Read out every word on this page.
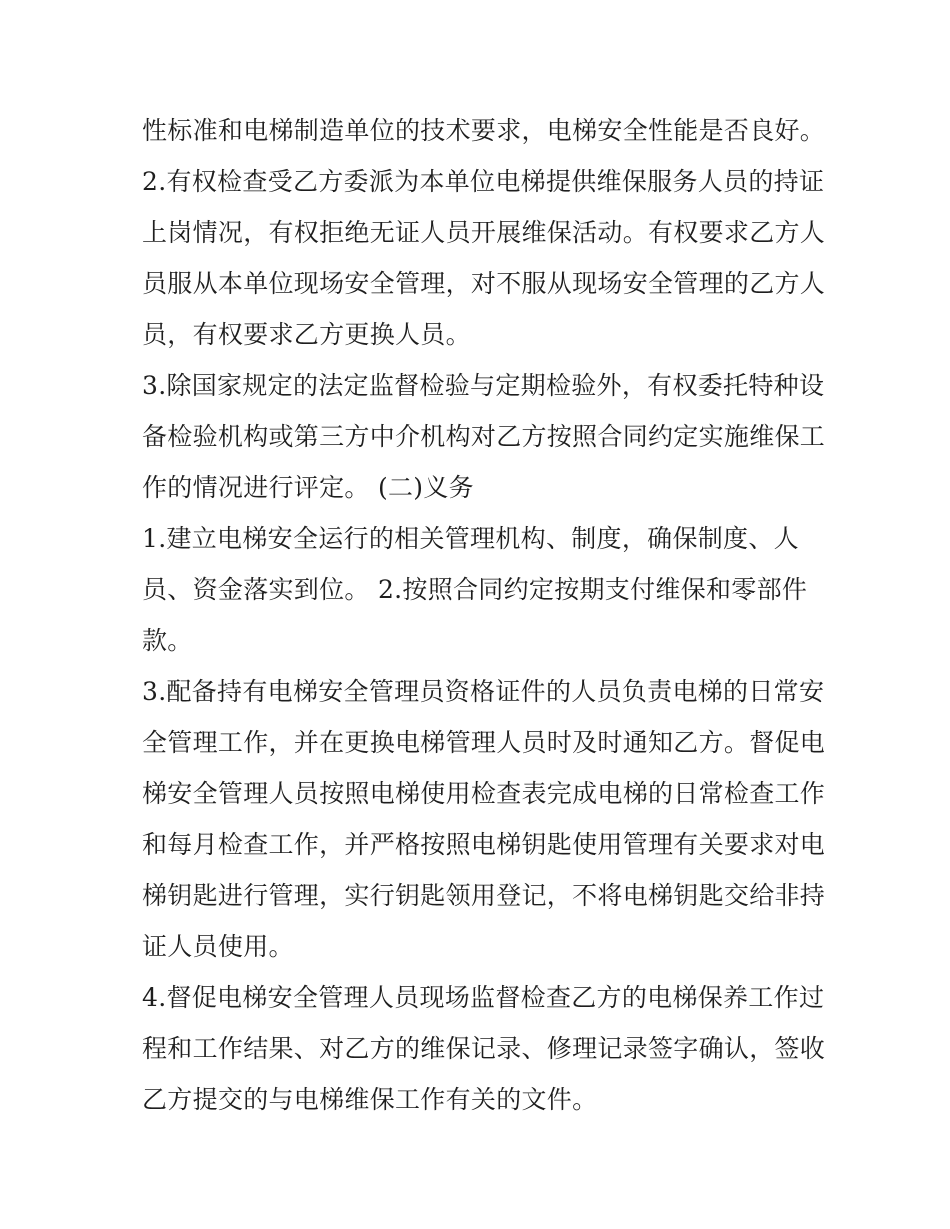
性标准和电梯制造单位的技术要求，电梯安全性能是否良好。
2.有权检查受乙方委派为本单位电梯提供维保服务人员的持证
上岗情况，有权拒绝无证人员开展维保活动。有权要求乙方人
员服从本单位现场安全管理，对不服从现场安全管理的乙方人
员，有权要求乙方更换人员。
3.除国家规定的法定监督检验与定期检验外，有权委托特种设
备检验机构或第三方中介机构对乙方按照合同约定实施维保工
作的情况进行评定。 (二)义务
1.建立电梯安全运行的相关管理机构、制度，确保制度、人
员、资金落实到位。 2.按照合同约定按期支付维保和零部件
款。
3.配备持有电梯安全管理员资格证件的人员负责电梯的日常安
全管理工作，并在更换电梯管理人员时及时通知乙方。督促电
梯安全管理人员按照电梯使用检查表完成电梯的日常检查工作
和每月检查工作，并严格按照电梯钥匙使用管理有关要求对电
梯钥匙进行管理，实行钥匙领用登记，不将电梯钥匙交给非持
证人员使用。
4.督促电梯安全管理人员现场监督检查乙方的电梯保养工作过
程和工作结果、对乙方的维保记录、修理记录签字确认，签收
乙方提交的与电梯维保工作有关的文件。
